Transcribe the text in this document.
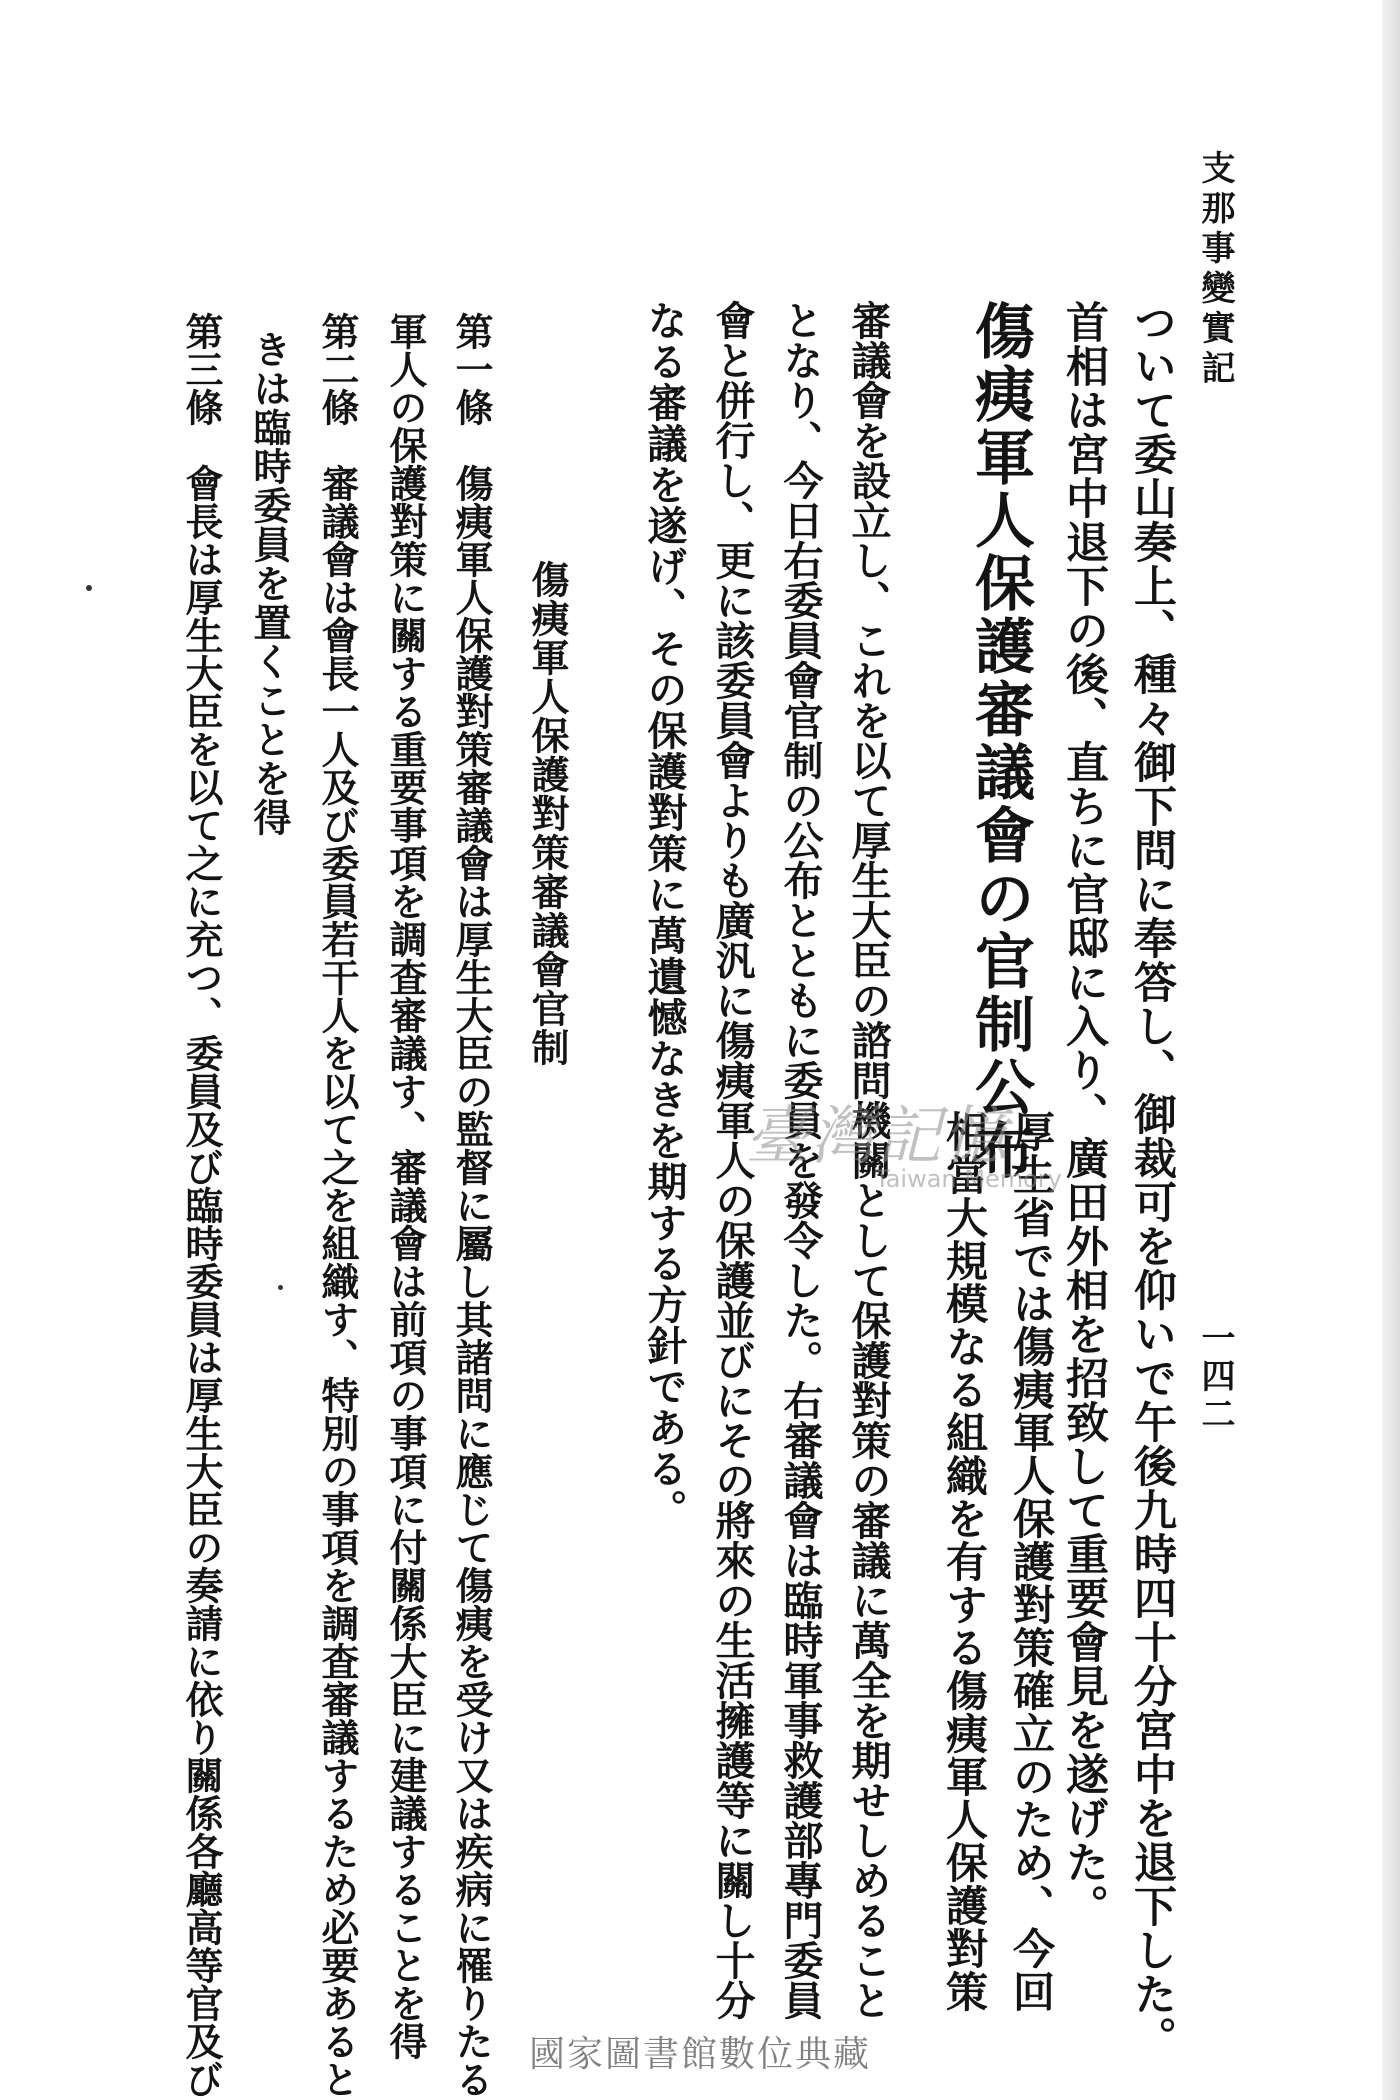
支那事變實記
一四二
ついて委山奏上、種々御下問に奉答し、御裁可を仰いで午後九時四十分宮中を退下した。
首相は宮中退下の後、直ちに官邸に入り、廣田外相を招致して重要會見を遂げた。
傷痍軍人保護審議會の官制公布
厚生省では傷痍軍人保護對策確立のため、今回
相當大規模なる組織を有する傷痍軍人保護對策
審議會を設立し、これを以て厚生大臣の諮問機關として保護對策の審議に萬全を期せしめること
となり、今日右委員會官制の公布とともに委員を發令した。右審議會は臨時軍事救護部專門委員
會と併行し、更に該委員會よりも廣汎に傷痍軍人の保護並びにその將來の生活擁護等に關し十分
なる審議を遂げ、その保護對策に萬遺憾なきを期する方針である。
傷痍軍人保護對策審議會官制
第一條　傷痍軍人保護對策審議會は厚生大臣の監督に屬し其諸問に應じて傷痍を受け又は疾病に罹りたる
軍人の保護對策に關する重要事項を調査審議す、審議會は前項の事項に付關係大臣に建議することを得
第二條　審議會は會長一人及び委員若干人を以て之を組織す、特別の事項を調査審議するため必要あると
きは臨時委員を置くことを得
第三條　會長は厚生大臣を以て之に充つ、委員及び臨時委員は厚生大臣の奏請に依り關係各廳高等官及び	臺灣記憶
Taiwan Memory
國家圖書館數位典藏
